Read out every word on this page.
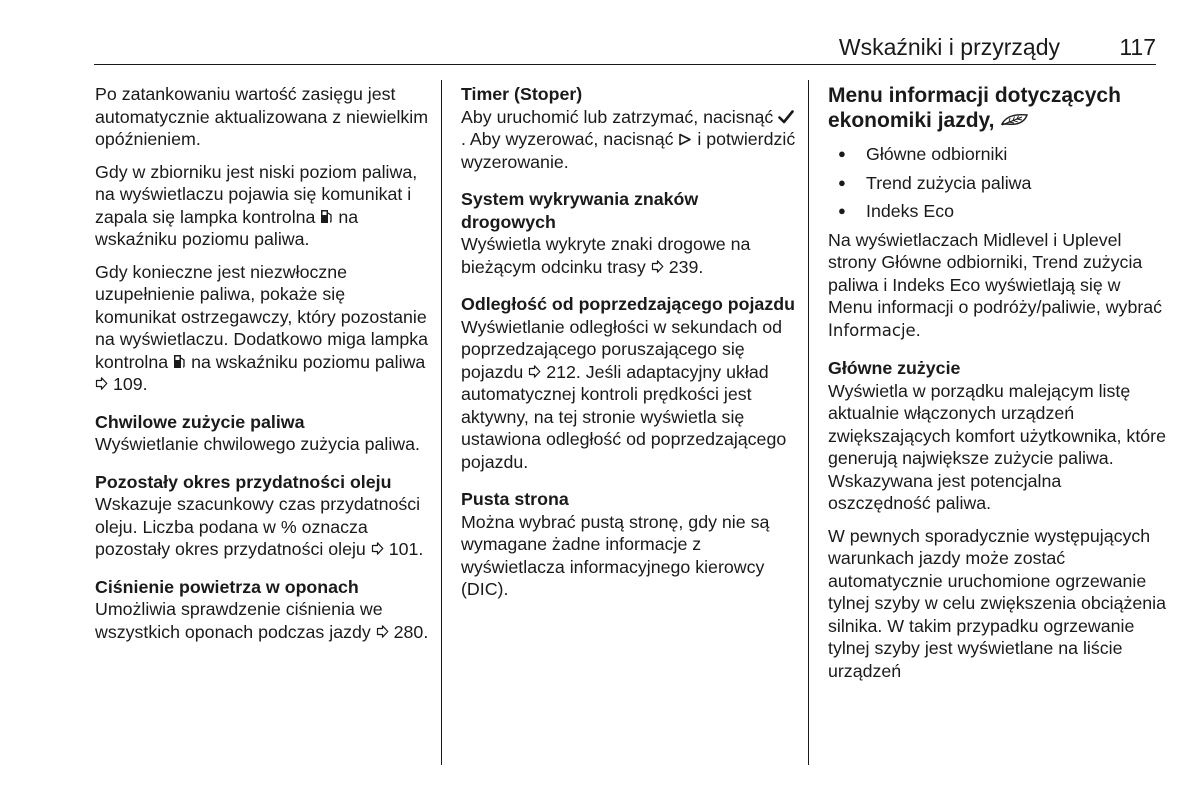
Wskaźniki i przyrządy	117

Po zatankowaniu wartość zasięgu jest automatycznie aktualizowana z niewielkim opóźnieniem.

Gdy w zbiorniku jest niski poziom paliwa, na wyświetlaczu pojawia się komunikat i zapala się lampka kontrolna na wskaźniku poziomu paliwa.

Gdy konieczne jest niezwłoczne uzupełnienie paliwa, pokaże się komunikat ostrzegawczy, który pozostanie na wyświetlaczu. Dodatkowo miga lampka kontrolna na wskaźniku poziomu paliwa  109.

Chwilowe zużycie paliwa

Wyświetlanie chwilowego zużycia paliwa.

Pozostały okres przydatności oleju

Wskazuje szacunkowy czas przydatności oleju. Liczba podana w % oznacza pozostały okres przydatności oleju 101.

Ciśnienie powietrza w oponach

Umożliwia sprawdzenie ciśnienia we wszystkich oponach podczas jazdy 280.

Timer (Stoper)

Aby uruchomić lub zatrzymać, nacisnąć . Aby wyzerować, nacisnąć i potwierdzić wyzerowanie.

System wykrywania znaków drogowych

Wyświetla wykryte znaki drogowe na bieżącym odcinku trasy 239.

Odległość od poprzedzającego pojazdu

Wyświetlanie odległości w sekundach od poprzedzającego poruszającego się pojazdu 212. Jeśli adaptacyjny układ automatycznej kontroli prędkości jest aktywny, na tej stronie wyświetla się ustawiona odległość od poprzedzającego pojazdu.

Pusta strona

Można wybrać pustą stronę, gdy nie są wymagane żadne informacje z wyświetlacza informacyjnego kierowcy (DIC).

Menu informacji dotyczących ekonomiki jazdy,
● Główne odbiorniki
● Trend zużycia paliwa
● Indeks Eco

Na wyświetlaczach Midlevel i Uplevel strony Główne odbiorniki, Trend zużycia paliwa i Indeks Eco wyświetlają się w Menu informacji o podróży/paliwie, wybrać Informacje.

Główne zużycie

Wyświetla w porządku malejącym listę aktualnie włączonych urządzeń zwiększających komfort użytkownika, które generują największe zużycie paliwa. Wskazywana jest potencjalna oszczędność paliwa.

W pewnych sporadycznie występujących warunkach jazdy może zostać automatycznie uruchomione ogrzewanie tylnej szyby w celu zwiększenia obciążenia silnika. W takim przypadku ogrzewanie tylnej szyby jest wyświetlane na liście urządzeń
